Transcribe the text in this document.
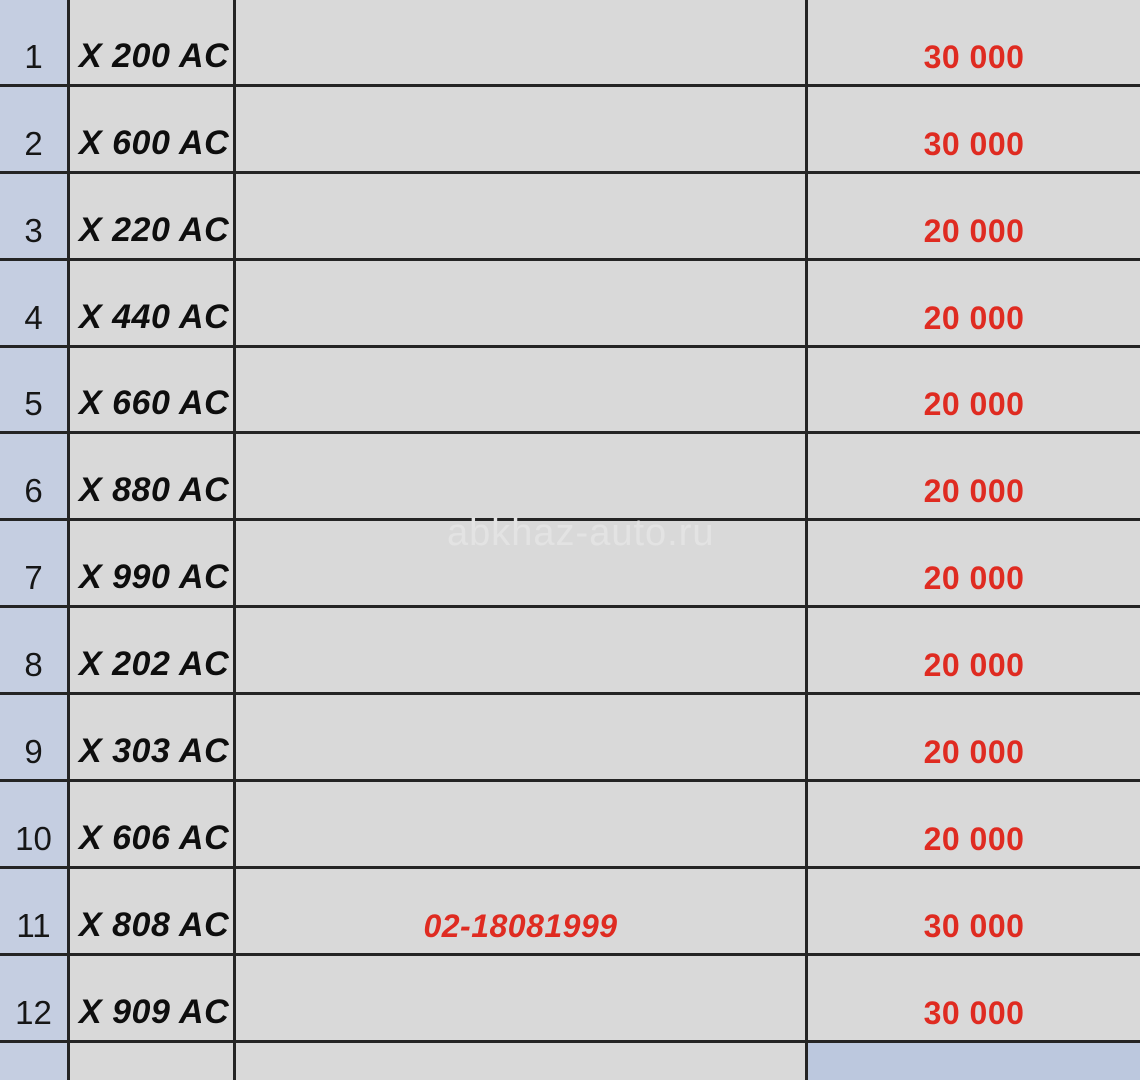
1	X 200 AC	30 000
2	X 600 AC	30 000
3	X 220 AC	20 000
4	X 440 AC	20 000
5	X 660 AC	20 000
6	X 880 AC	20 000
7	X 990 AC	20 000
8	X 202 AC	20 000
9	X 303 AC	20 000
10 X 606 AC	20 000
11 X 808 AC	02-18081999	30 000
12 X 909 AC	30 000
abkhaz-auto.ru
